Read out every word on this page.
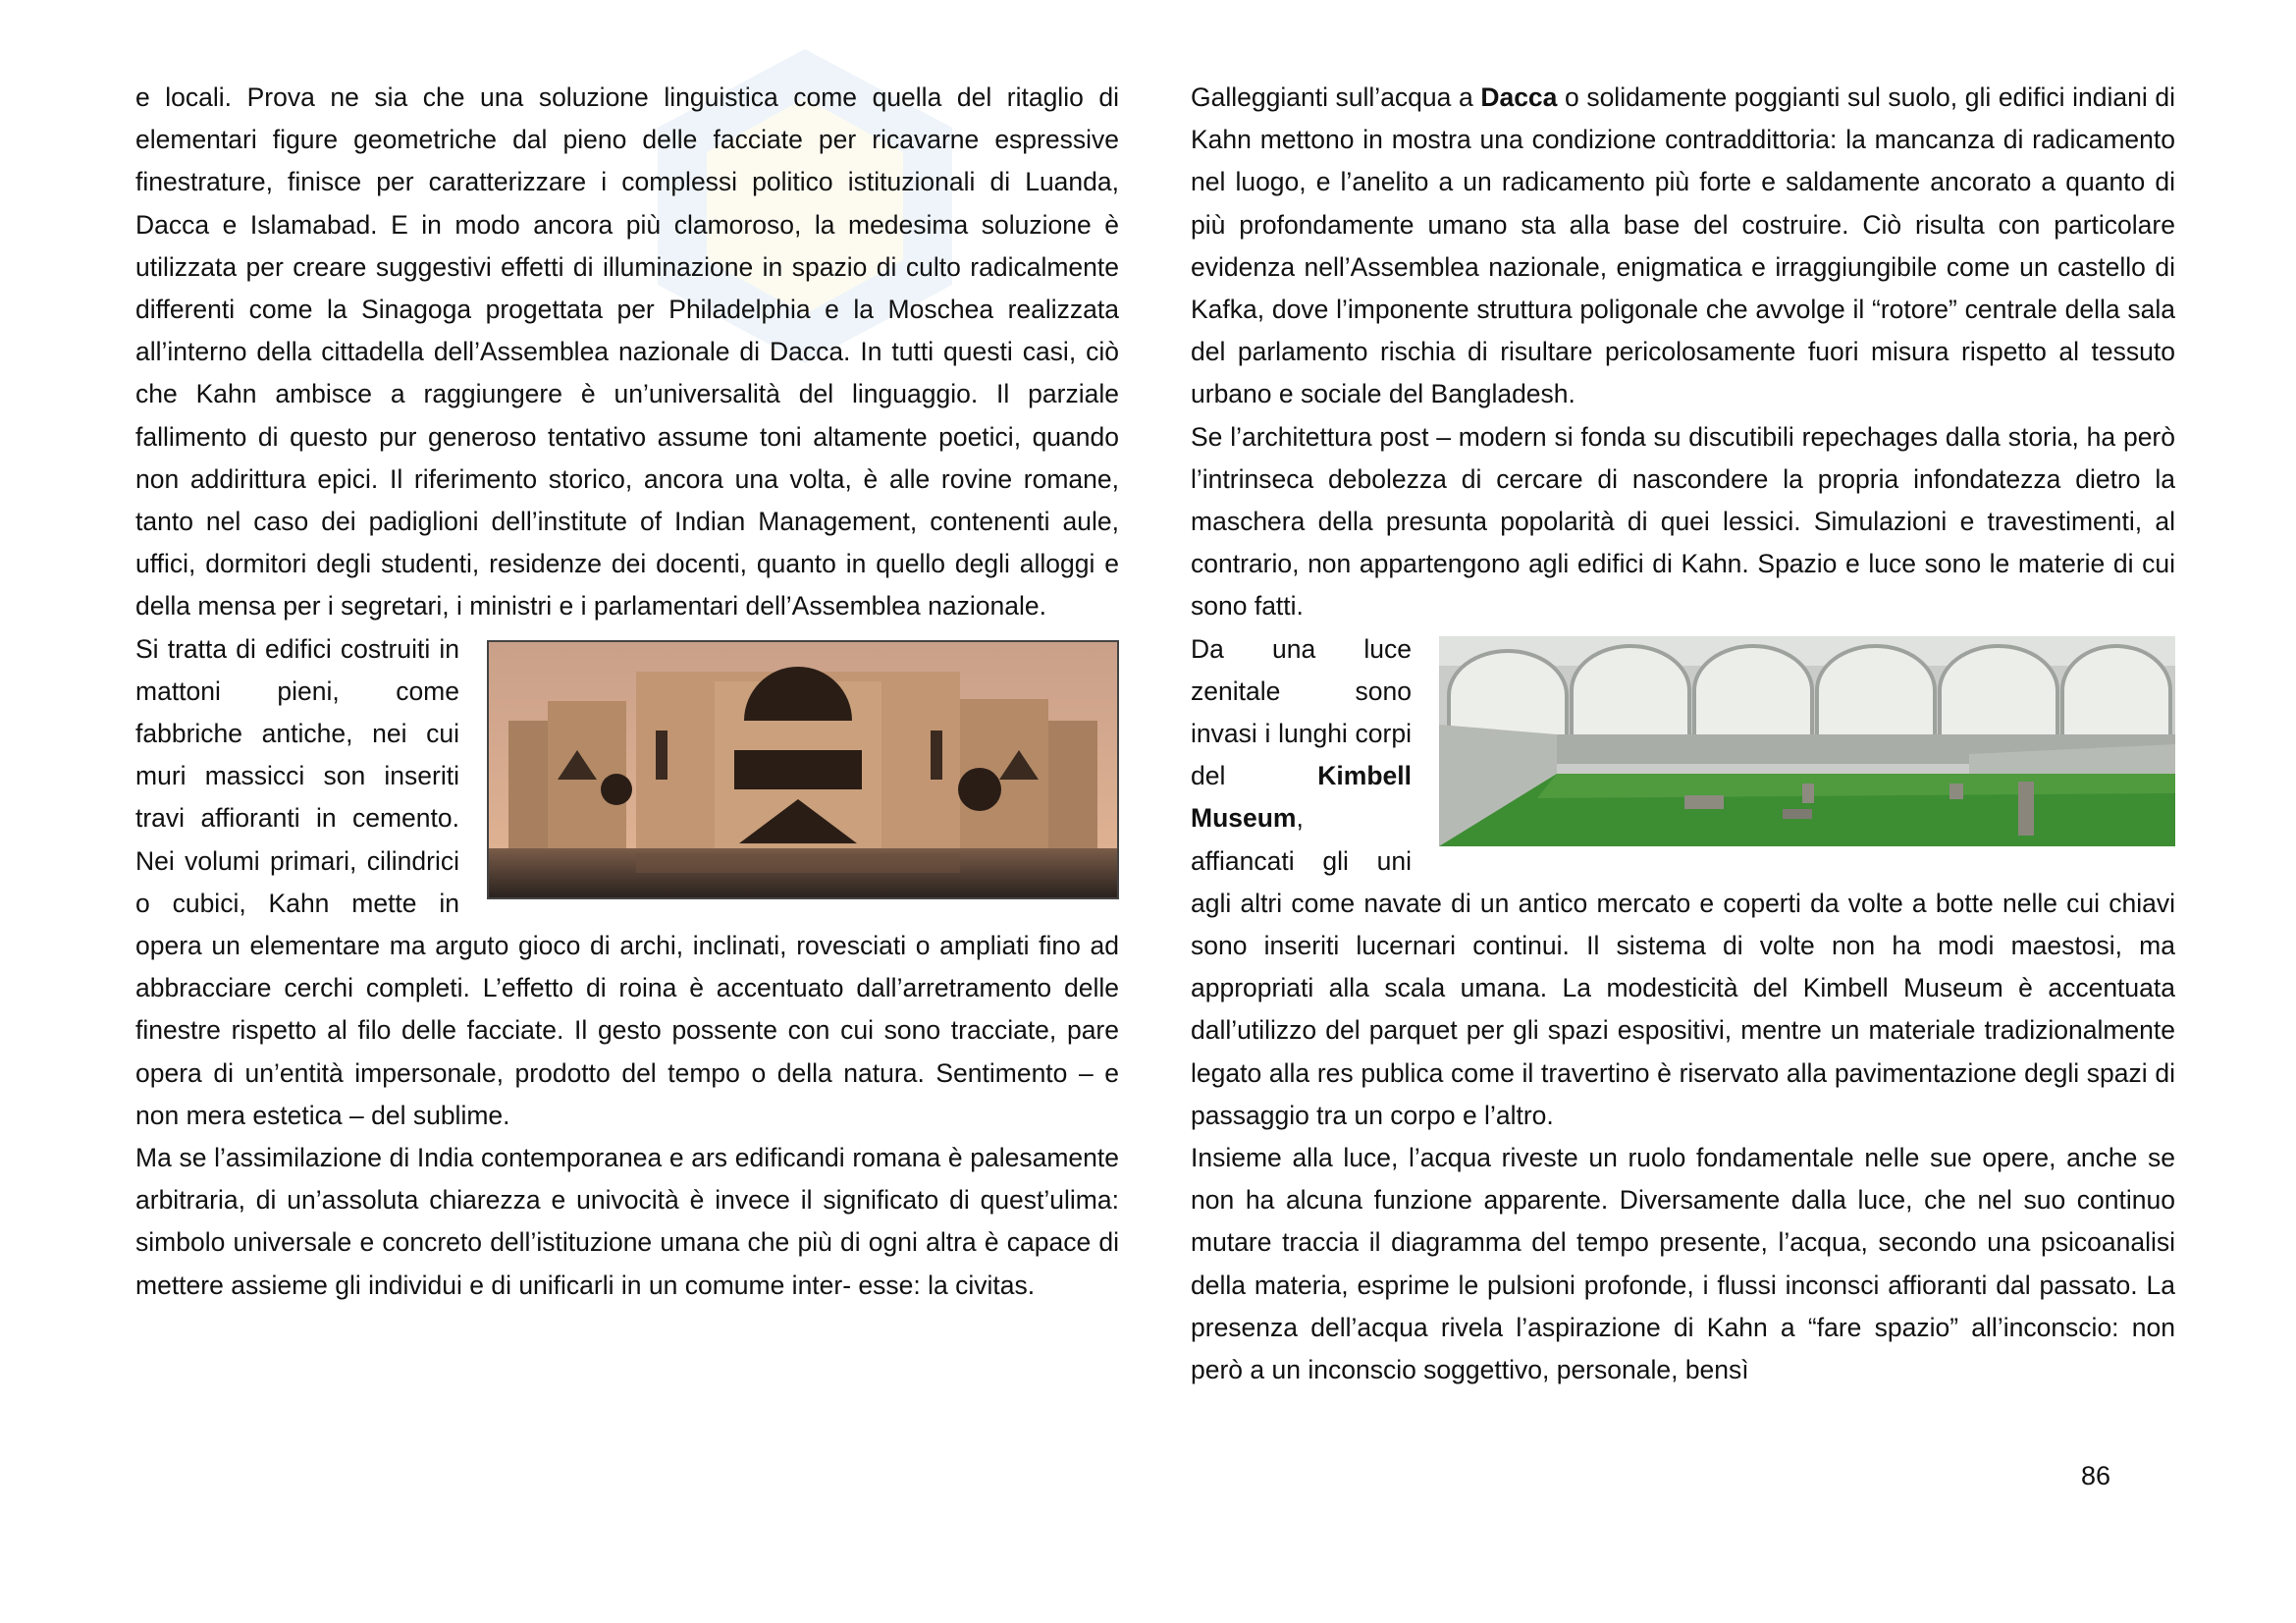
e locali. Prova ne sia che una soluzione linguistica come quella del ritaglio di elementari figure geometriche dal pieno delle facciate per ricavarne espressive finestrature, finisce per caratterizzare i complessi politico istituzionali di Luanda, Dacca e Islamabad. E in modo ancora più clamoroso, la medesima soluzione è utilizzata per creare suggestivi effetti di illuminazione in spazio di culto radicalmente differenti come la Sinagoga progettata per Philadelphia e la Moschea realizzata all’interno della cittadella dell’Assemblea nazionale di Dacca. In tutti questi casi, ciò che Kahn ambisce a raggiungere è un’universalità del linguaggio. Il parziale fallimento di questo pur generoso tentativo assume toni altamente poetici, quando non addirittura epici. Il riferimento storico, ancora una volta, è alle rovine romane, tanto nel caso dei padiglioni dell’institute of Indian Management, contenenti aule, uffici, dormitori degli studenti, residenze dei docenti, quanto in quello degli alloggi e della mensa per i segretari, i ministri e i parlamentari dell’Assemblea nazionale.

Si tratta di edifici costruiti in mattoni pieni, come fabbriche antiche, nei cui muri massicci son inseriti travi affioranti in cemento. Nei volumi primari, cilindrici o cubici, Kahn mette in opera un elementare ma arguto gioco di archi, inclinati, rovesciati o ampliati fino ad abbracciare cerchi completi. L’effetto di roina è accentuato dall’arretramento delle finestre rispetto al filo delle facciate. Il gesto possente con cui sono tracciate, pare opera di un’entità impersonale, prodotto del tempo o della natura. Sentimento – e non mera estetica – del sublime.

Ma se l’assimilazione di India contemporanea e ars edificandi romana è palesamente arbitraria, di un’assoluta chiarezza e univocità è invece il significato di quest’ulima: simbolo universale e concreto dell’istituzione umana che più di ogni altra è capace di mettere assieme gli individui e di unificarli in un comume inter- esse: la civitas.

Galleggianti sull’acqua a Dacca o solidamente poggianti sul suolo, gli edifici indiani di Kahn mettono in mostra una condizione contraddittoria: la mancanza di radicamento nel luogo, e l’anelito a un radicamento più forte e saldamente ancorato a quanto di più profondamente umano sta alla base del costruire. Ciò risulta con particolare evidenza nell’Assemblea nazionale, enigmatica e irraggiungibile come un castello di Kafka, dove l’imponente struttura poligonale che avvolge il “rotore” centrale della sala del parlamento rischia di risultare pericolosamente fuori misura rispetto al tessuto urbano e sociale del Bangladesh.

Se l’architettura post – modern si fonda su discutibili repechages dalla storia, ha però l’intrinseca debolezza di cercare di nascondere la propria infondatezza dietro la maschera della presunta popolarità di quei lessici. Simulazioni e travestimenti, al contrario, non appartengono agli edifici di Kahn. Spazio e luce sono le materie di cui sono fatti.

Da una luce zenitale sono invasi i lunghi corpi del Kimbell Museum, affiancati gli uni agli altri come navate di un antico mercato e coperti da volte a botte nelle cui chiavi sono inseriti lucernari continui. Il sistema di volte non ha modi maestosi, ma appropriati alla scala umana. La modesticità del Kimbell Museum è accentuata dall’utilizzo del parquet per gli spazi espositivi, mentre un materiale tradizionalmente legato alla res publica come il travertino è riservato alla pavimentazione degli spazi di passaggio tra un corpo e l’altro.

Insieme alla luce, l’acqua riveste un ruolo fondamentale nelle sue opere, anche se non ha alcuna funzione apparente. Diversamente dalla luce, che nel suo continuo mutare traccia il diagramma del tempo presente, l’acqua, secondo una psicoanalisi della materia, esprime le pulsioni profonde, i flussi inconsci affioranti dal passato. La presenza dell’acqua rivela l’aspirazione di Kahn a “fare spazio” all’inconscio: non però a un inconscio soggettivo, personale, bensì

86
